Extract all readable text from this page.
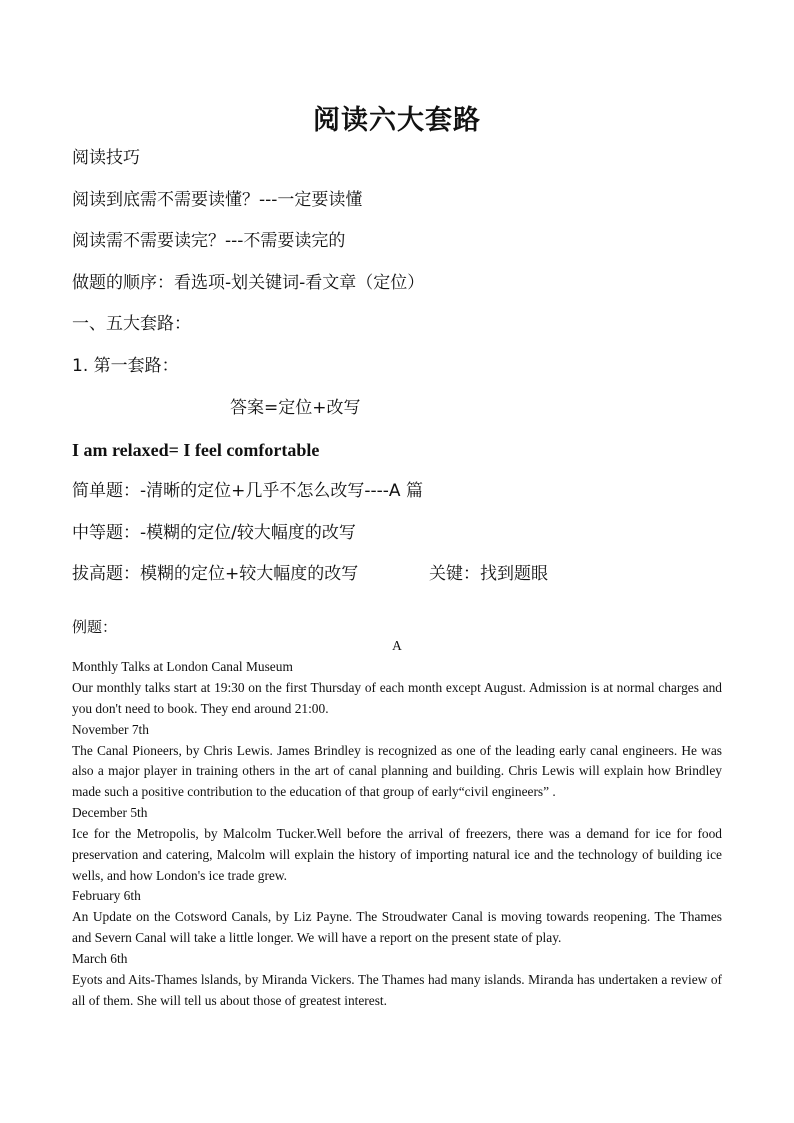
阅读六大套路
阅读技巧
阅读到底需不需要读懂？---一定要读懂
阅读需不需要读完？---不需要读完的
做题的顺序：看选项-划关键词-看文章（定位）
一、五大套路：
1. 第一套路：
答案=定位+改写
I am relaxed= I feel comfortable
简单题：-清晰的定位+几乎不怎么改写----A 篇
中等题：-模糊的定位/较大幅度的改写
拔高题：模糊的定位+较大幅度的改写	关键：找到题眼
例题：
A
Monthly Talks at London Canal Museum
Our monthly talks start at 19:30 on the first Thursday of each month except August. Admission is at normal charges and you don't need to book. They end around 21:00.
November 7th
The Canal Pioneers, by Chris Lewis. James Brindley is recognized as one of the leading early canal engineers. He was also a major player in training others in the art of canal planning and building. Chris Lewis will explain how Brindley made such a positive contribution to the education of that group of early“civil engineers” .
December 5th
Ice for the Metropolis, by Malcolm Tucker.Well before the arrival of freezers, there was a demand for ice for food preservation and catering, Malcolm will explain the history of importing natural ice and the technology of building ice wells, and how London's ice trade grew.
February 6th
An Update on the Cotsword Canals, by Liz Payne. The Stroudwater Canal is moving towards reopening. The Thames and Severn Canal will take a little longer. We will have a report on the present state of play.
March 6th
Eyots and Aits-Thames lslands, by Miranda Vickers. The Thames had many islands. Miranda has undertaken a review of all of them. She will tell us about those of greatest interest.
